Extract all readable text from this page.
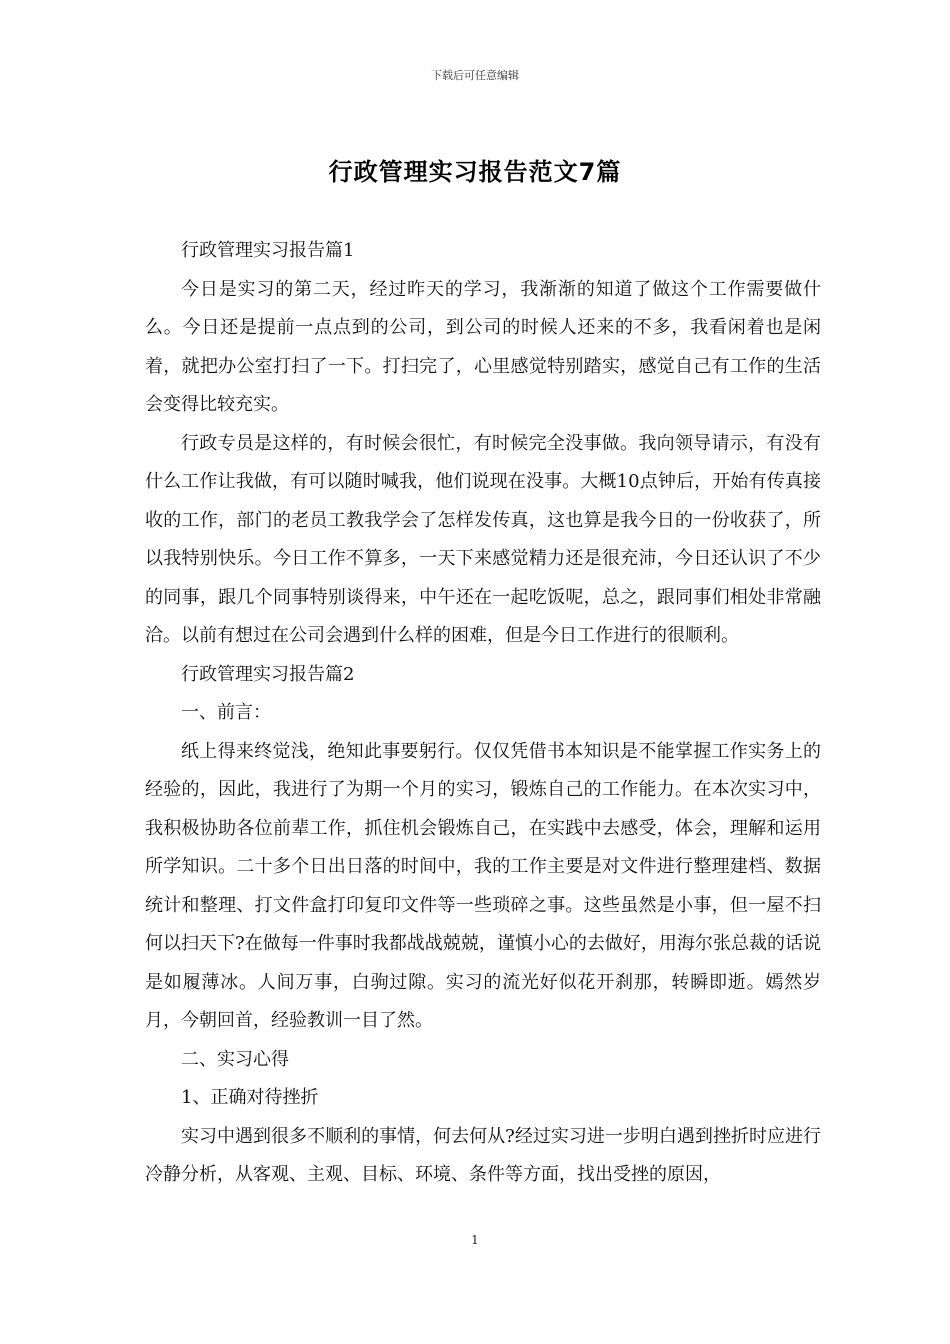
下载后可任意编辑
行政管理实习报告范文7篇

行政管理实习报告篇1

今日是实习的第二天，经过昨天的学习，我渐渐的知道了做这个工作需要做什么。今日还是提前一点点到的公司，到公司的时候人还来的不多，我看闲着也是闲着，就把办公室打扫了一下。打扫完了，心里感觉特别踏实，感觉自己有工作的生活会变得比较充实。

行政专员是这样的，有时候会很忙，有时候完全没事做。我向领导请示，有没有什么工作让我做，有可以随时喊我，他们说现在没事。大概10点钟后，开始有传真接收的工作，部门的老员工教我学会了怎样发传真，这也算是我今日的一份收获了，所以我特别快乐。今日工作不算多，一天下来感觉精力还是很充沛，今日还认识了不少的同事，跟几个同事特别谈得来，中午还在一起吃饭呢，总之，跟同事们相处非常融洽。以前有想过在公司会遇到什么样的困难，但是今日工作进行的很顺利。

行政管理实习报告篇2

一、前言：

纸上得来终觉浅，绝知此事要躬行。仅仅凭借书本知识是不能掌握工作实务上的经验的，因此，我进行了为期一个月的实习，锻炼自己的工作能力。在本次实习中，我积极协助各位前辈工作，抓住机会锻炼自己，在实践中去感受，体会，理解和运用所学知识。二十多个日出日落的时间中，我的工作主要是对文件进行整理建档、数据统计和整理、打文件盒打印复印文件等一些琐碎之事。这些虽然是小事，但一屋不扫何以扫天下?在做每一件事时我都战战兢兢，谨慎小心的去做好，用海尔张总裁的话说是如履薄冰。人间万事，白驹过隙。实习的流光好似花开刹那，转瞬即逝。嫣然岁月，今朝回首，经验教训一目了然。

二、实习心得

1、正确对待挫折

实习中遇到很多不顺利的事情，何去何从?经过实习进一步明白遇到挫折时应进行冷静分析，从客观、主观、目标、环境、条件等方面，找出受挫的原因，

1
